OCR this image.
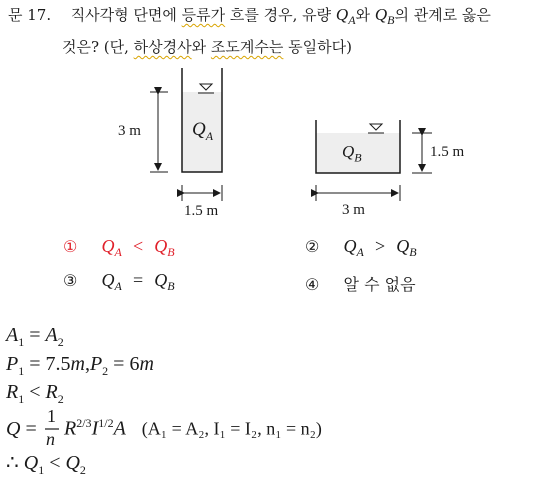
문 17. 직사각형 단면에 등류가 흐를 경우, 유량 $Q_A$와 $Q_B$의 관계로 옳은
것은? (단, 하상경사와 조도계수는 동일하다)
3 m
1.5 m
$Q_A$
1.5 m
3 m
$Q_B$
① $Q_A < Q_B$	② $Q_A > Q_B$
③ $Q_A = Q_B$	④ 알 수 없음
$A_1 = A_2$
$P_1 = 7.5m,P_2 = 6m$
$R_1 < R_2$
Q =
1
n $R^{2/3}I^{1/2}A$ (A₁ = A₂, I₁ = I₂, n₁ = n₂)
∴ $Q_1 < Q_2$
